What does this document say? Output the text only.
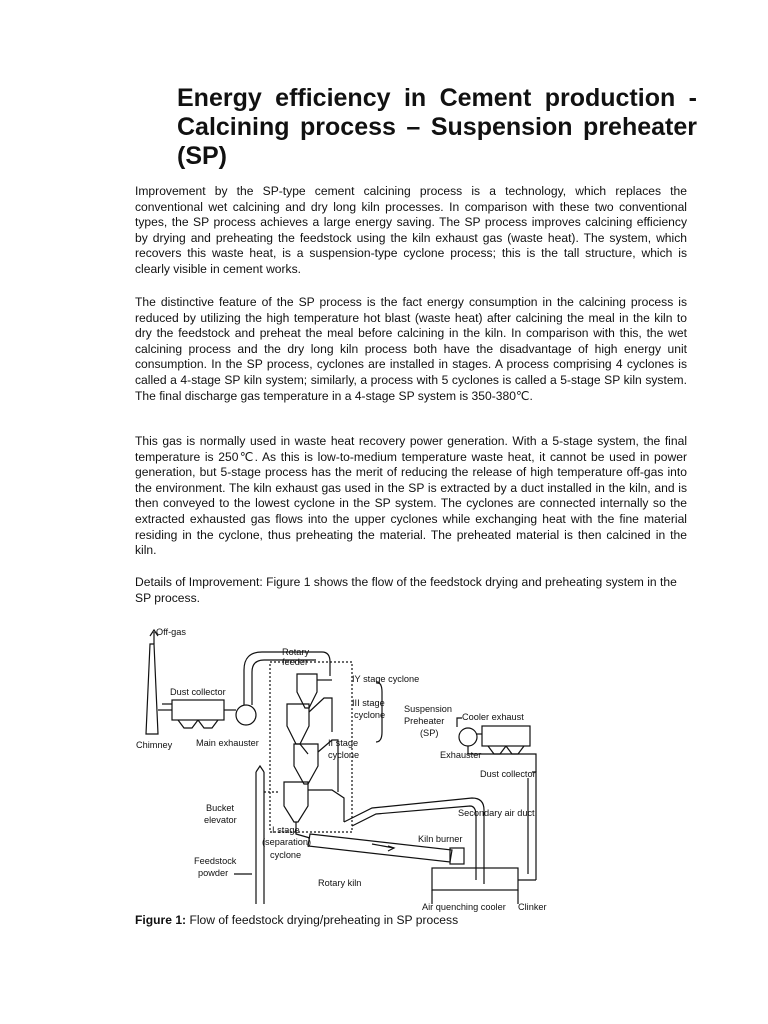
Energy efficiency in Cement production - Calcining process – Suspension preheater (SP)

Improvement by the SP-type cement calcining process is a technology, which replaces the conventional wet calcining and dry long kiln processes. In comparison with these two conventional types, the SP process achieves a large energy saving. The SP process improves calcining efficiency by drying and preheating the feedstock using the kiln exhaust gas (waste heat). The system, which recovers this waste heat, is a suspension-type cyclone process; this is the tall structure, which is clearly visible in cement works.

The distinctive feature of the SP process is the fact energy consumption in the calcining process is reduced by utilizing the high temperature hot blast (waste heat) after calcining the meal in the kiln to dry the feedstock and preheat the meal before calcining in the kiln. In comparison with this, the wet calcining process and the dry long kiln process both have the disadvantage of high energy unit consumption. In the SP process, cyclones are installed in stages. A process comprising 4 cyclones is called a 4-stage SP kiln system; similarly, a process with 5 cyclones is called a 5-stage SP kiln system. The final discharge gas temperature in a 4-stage SP system is 350-380℃.

This gas is normally used in waste heat recovery power generation. With a 5-stage system, the final temperature is 250℃. As this is low-to-medium temperature waste heat, it cannot be used in power generation, but 5-stage process has the merit of reducing the release of high temperature off-gas into the environment. The kiln exhaust gas used in the SP is extracted by a duct installed in the kiln, and is then conveyed to the lowest cyclone in the SP system. The cyclones are connected internally so the extracted exhausted gas flows into the upper cyclones while exchanging heat with the fine material residing in the cyclone, thus preheating the material. The preheated material is then calcined in the kiln.

Details of Improvement: Figure 1 shows the flow of the feedstock drying and preheating system in the SP process.

Off-gas
Rotary
feeder
IY stage cyclone
Dust collector
III stage
cyclone
Suspension
Preheater
(SP)
Cooler exhaust
Chimney	Main exhauster	II stage
cyclone	Exhauster
Dust collector
Bucket
elevator
Secondary air duct
I stage
(separation)
cyclone
Kiln burner
Feedstock
powder
Rotary kiln
Air quenching cooler Clinker
Figure 1: Flow of feedstock drying/preheating in SP process
